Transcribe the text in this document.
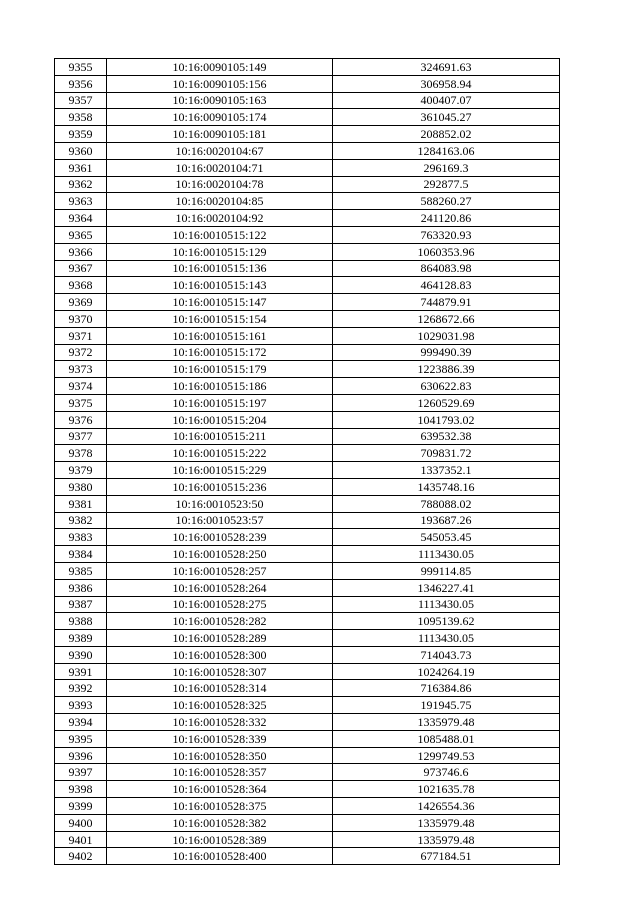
9355	10:16:0090105:149	324691.63
9356	10:16:0090105:156	306958.94
9357	10:16:0090105:163	400407.07
9358	10:16:0090105:174	361045.27
9359	10:16:0090105:181	208852.02
9360	10:16:0020104:67	1284163.06
9361	10:16:0020104:71	296169.3
9362	10:16:0020104:78	292877.5
9363	10:16:0020104:85	588260.27
9364	10:16:0020104:92	241120.86
9365	10:16:0010515:122	763320.93
9366	10:16:0010515:129	1060353.96
9367	10:16:0010515:136	864083.98
9368	10:16:0010515:143	464128.83
9369	10:16:0010515:147	744879.91
9370	10:16:0010515:154	1268672.66
9371	10:16:0010515:161	1029031.98
9372	10:16:0010515:172	999490.39
9373	10:16:0010515:179	1223886.39
9374	10:16:0010515:186	630622.83
9375	10:16:0010515:197	1260529.69
9376	10:16:0010515:204	1041793.02
9377	10:16:0010515:211	639532.38
9378	10:16:0010515:222	709831.72
9379	10:16:0010515:229	1337352.1
9380	10:16:0010515:236	1435748.16
9381	10:16:0010523:50	788088.02
9382	10:16:0010523:57	193687.26
9383	10:16:0010528:239	545053.45
9384	10:16:0010528:250	1113430.05
9385	10:16:0010528:257	999114.85
9386	10:16:0010528:264	1346227.41
9387	10:16:0010528:275	1113430.05
9388	10:16:0010528:282	1095139.62
9389	10:16:0010528:289	1113430.05
9390	10:16:0010528:300	714043.73
9391	10:16:0010528:307	1024264.19
9392	10:16:0010528:314	716384.86
9393	10:16:0010528:325	191945.75
9394	10:16:0010528:332	1335979.48
9395	10:16:0010528:339	1085488.01
9396	10:16:0010528:350	1299749.53
9397	10:16:0010528:357	973746.6
9398	10:16:0010528:364	1021635.78
9399	10:16:0010528:375	1426554.36
9400	10:16:0010528:382	1335979.48
9401	10:16:0010528:389	1335979.48
9402	10:16:0010528:400	677184.51
